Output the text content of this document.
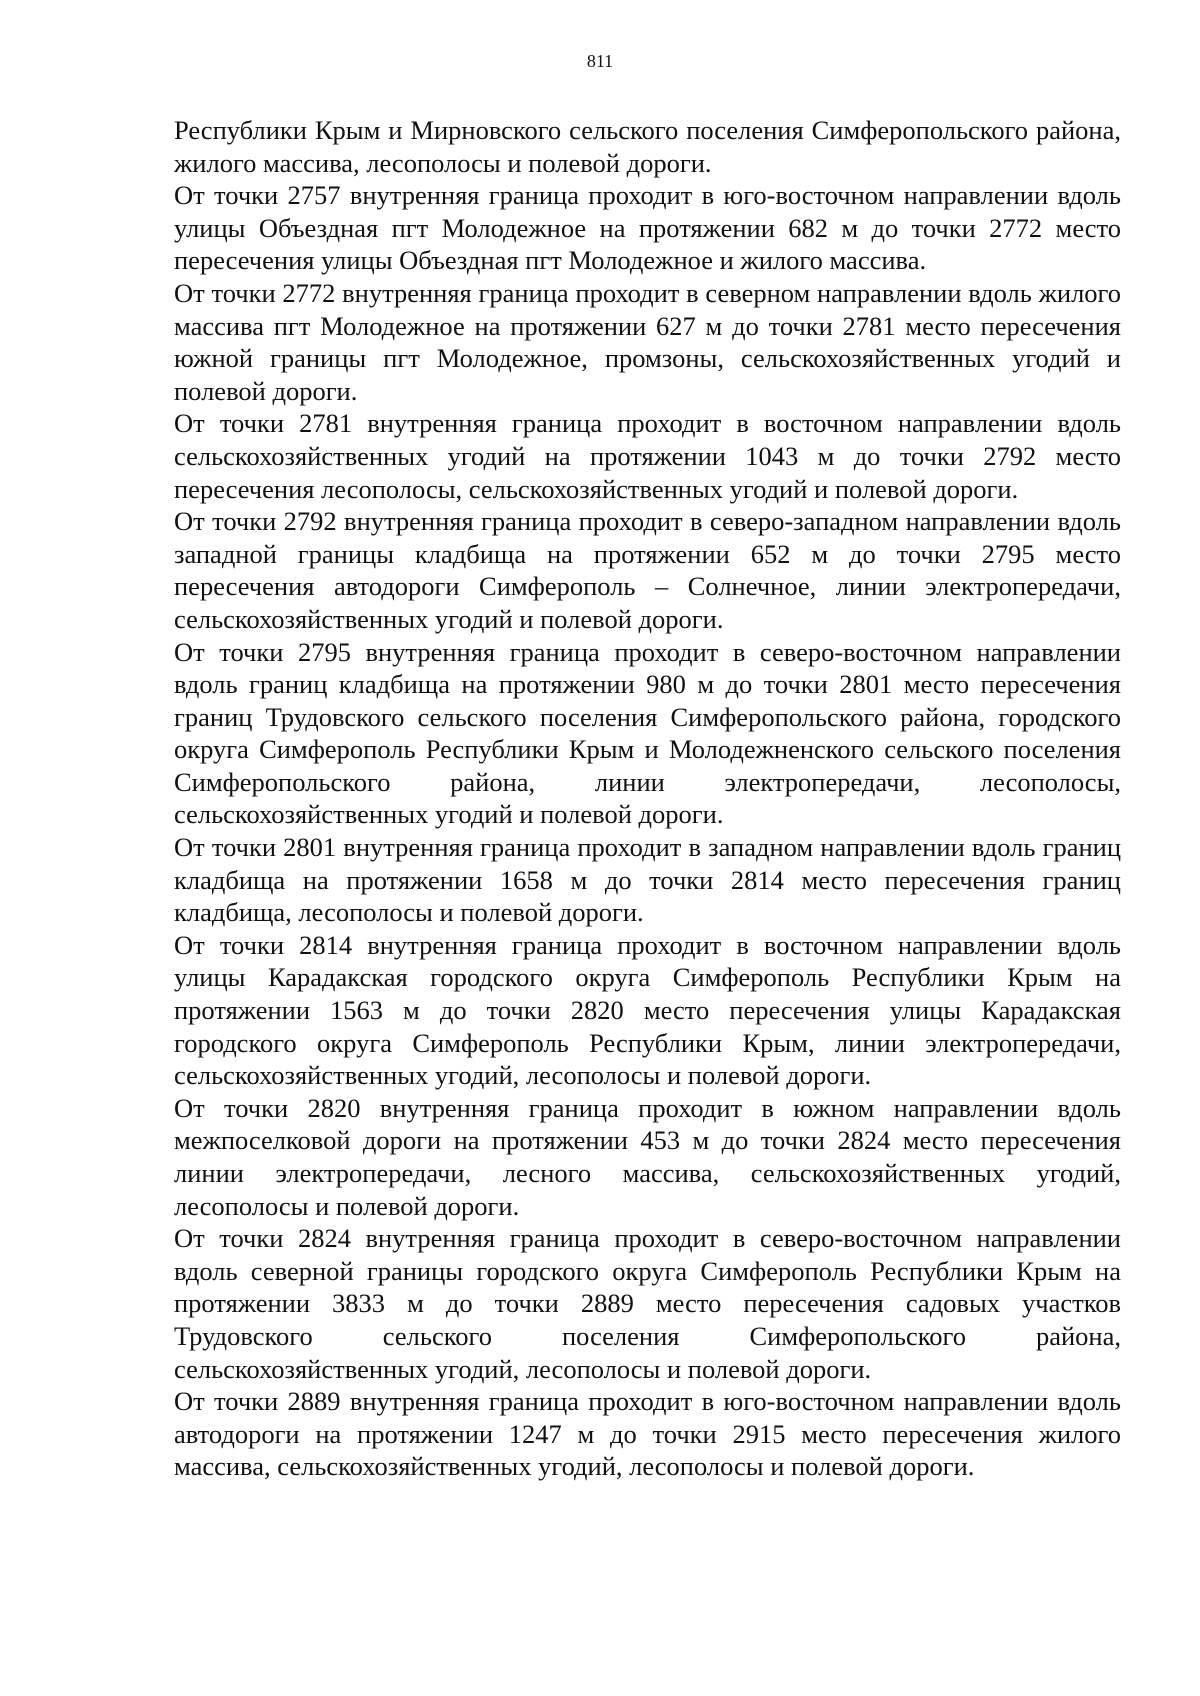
811

Республики Крым и Мирновского сельского поселения Симферопольского района, жилого массива, лесополосы и полевой дороги.

От точки 2757 внутренняя граница проходит в юго-восточном направлении вдоль улицы Объездная пгт Молодежное на протяжении 682 м до точки 2772 место пересечения улицы Объездная пгт Молодежное и жилого массива.

От точки 2772 внутренняя граница проходит в северном направлении вдоль жилого массива пгт Молодежное на протяжении 627 м до точки 2781 место пересечения южной границы пгт Молодежное, промзоны, сельскохозяйственных угодий и полевой дороги.

От точки 2781 внутренняя граница проходит в восточном направлении вдоль сельскохозяйственных угодий на протяжении 1043 м до точки 2792 место пересечения лесополосы, сельскохозяйственных угодий и полевой дороги.

От точки 2792 внутренняя граница проходит в северо-западном направлении вдоль западной границы кладбища на протяжении 652 м до точки 2795 место пересечения автодороги Симферополь – Солнечное, линии электропередачи, сельскохозяйственных угодий и полевой дороги.

От точки 2795 внутренняя граница проходит в северо-восточном направлении вдоль границ кладбища на протяжении 980 м до точки 2801 место пересечения границ Трудовского сельского поселения Симферопольского района, городского округа Симферополь Республики Крым и Молодежненского сельского поселения Симферопольского района, линии электропередачи, лесополосы, сельскохозяйственных угодий и полевой дороги.

От точки 2801 внутренняя граница проходит в западном направлении вдоль границ кладбища на протяжении 1658 м до точки 2814 место пересечения границ кладбища, лесополосы и полевой дороги.

От точки 2814 внутренняя граница проходит в восточном направлении вдоль улицы Карадакская городского округа Симферополь Республики Крым на протяжении 1563 м до точки 2820 место пересечения улицы Карадакская городского округа Симферополь Республики Крым, линии электропередачи, сельскохозяйственных угодий, лесополосы и полевой дороги.

От точки 2820 внутренняя граница проходит в южном направлении вдоль межпоселковой дороги на протяжении 453 м до точки 2824 место пересечения линии электропередачи, лесного массива, сельскохозяйственных угодий, лесополосы и полевой дороги.

От точки 2824 внутренняя граница проходит в северо-восточном направлении вдоль северной границы городского округа Симферополь Республики Крым на протяжении 3833 м до точки 2889 место пересечения садовых участков Трудовского сельского поселения Симферопольского района, сельскохозяйственных угодий, лесополосы и полевой дороги.

От точки 2889 внутренняя граница проходит в юго-восточном направлении вдоль автодороги на протяжении 1247 м до точки 2915 место пересечения жилого массива, сельскохозяйственных угодий, лесополосы и полевой дороги.
